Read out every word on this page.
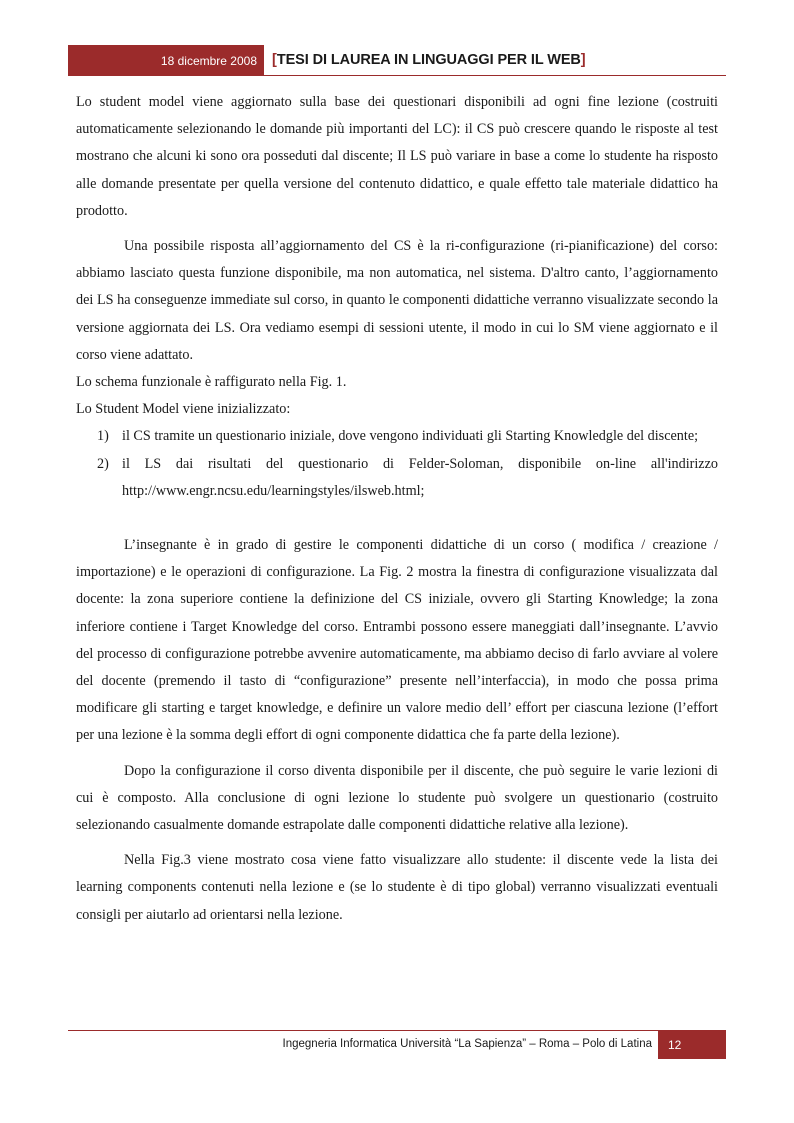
18 dicembre 2008 [TESI DI LAUREA IN LINGUAGGI PER IL WEB]

Lo student model viene aggiornato sulla base dei questionari disponibili ad ogni fine lezione (costruiti automaticamente selezionando le domande più importanti del LC): il CS può crescere quando le risposte al test mostrano che alcuni ki sono ora posseduti dal discente; Il LS può variare in base a come lo studente ha risposto alle domande presentate per quella versione del contenuto didattico, e quale effetto tale materiale didattico ha prodotto.

Una possibile risposta all’aggiornamento del CS è la ri-configurazione (ri-pianificazione) del corso: abbiamo lasciato questa funzione disponibile, ma non automatica, nel sistema. D'altro canto, l’aggiornamento dei LS ha conseguenze immediate sul corso, in quanto le componenti didattiche verranno visualizzate secondo la versione aggiornata dei LS. Ora vediamo esempi di sessioni utente, il modo in cui lo SM viene aggiornato e il corso viene adattato.

Lo schema funzionale è raffigurato nella Fig. 1.

Lo Student Model viene inizializzato:

1) il CS tramite un questionario iniziale, dove vengono individuati gli Starting Knowledgle del discente;
2) il LS dai risultati del questionario di Felder-Soloman, disponibile on-line all'indirizzo http://www.engr.ncsu.edu/learningstyles/ilsweb.html;

L’insegnante è in grado di gestire le componenti didattiche di un corso ( modifica / creazione / importazione) e le operazioni di configurazione. La Fig. 2 mostra la finestra di configurazione visualizzata dal docente: la zona superiore contiene la definizione del CS iniziale, ovvero gli Starting Knowledge; la zona inferiore contiene i Target Knowledge del corso. Entrambi possono essere maneggiati dall’insegnante. L’avvio del processo di configurazione potrebbe avvenire automaticamente, ma abbiamo deciso di farlo avviare al volere del docente (premendo il tasto di “configurazione” presente nell’interfaccia), in modo che possa prima modificare gli starting e target knowledge, e definire un valore medio dell’ effort per ciascuna lezione (l’effort per una lezione è la somma degli effort di ogni componente didattica che fa parte della lezione).

Dopo la configurazione il corso diventa disponibile per il discente, che può seguire le varie lezioni di cui è composto. Alla conclusione di ogni lezione lo studente può svolgere un questionario (costruito selezionando casualmente domande estrapolate dalle componenti didattiche relative alla lezione).

Nella Fig.3 viene mostrato cosa viene fatto visualizzare allo studente: il discente vede la lista dei learning components contenuti nella lezione e (se lo studente è di tipo global) verranno visualizzati eventuali consigli per aiutarlo ad orientarsi nella lezione.

Ingegneria Informatica Università “La Sapienza” – Roma – Polo di Latina 12
